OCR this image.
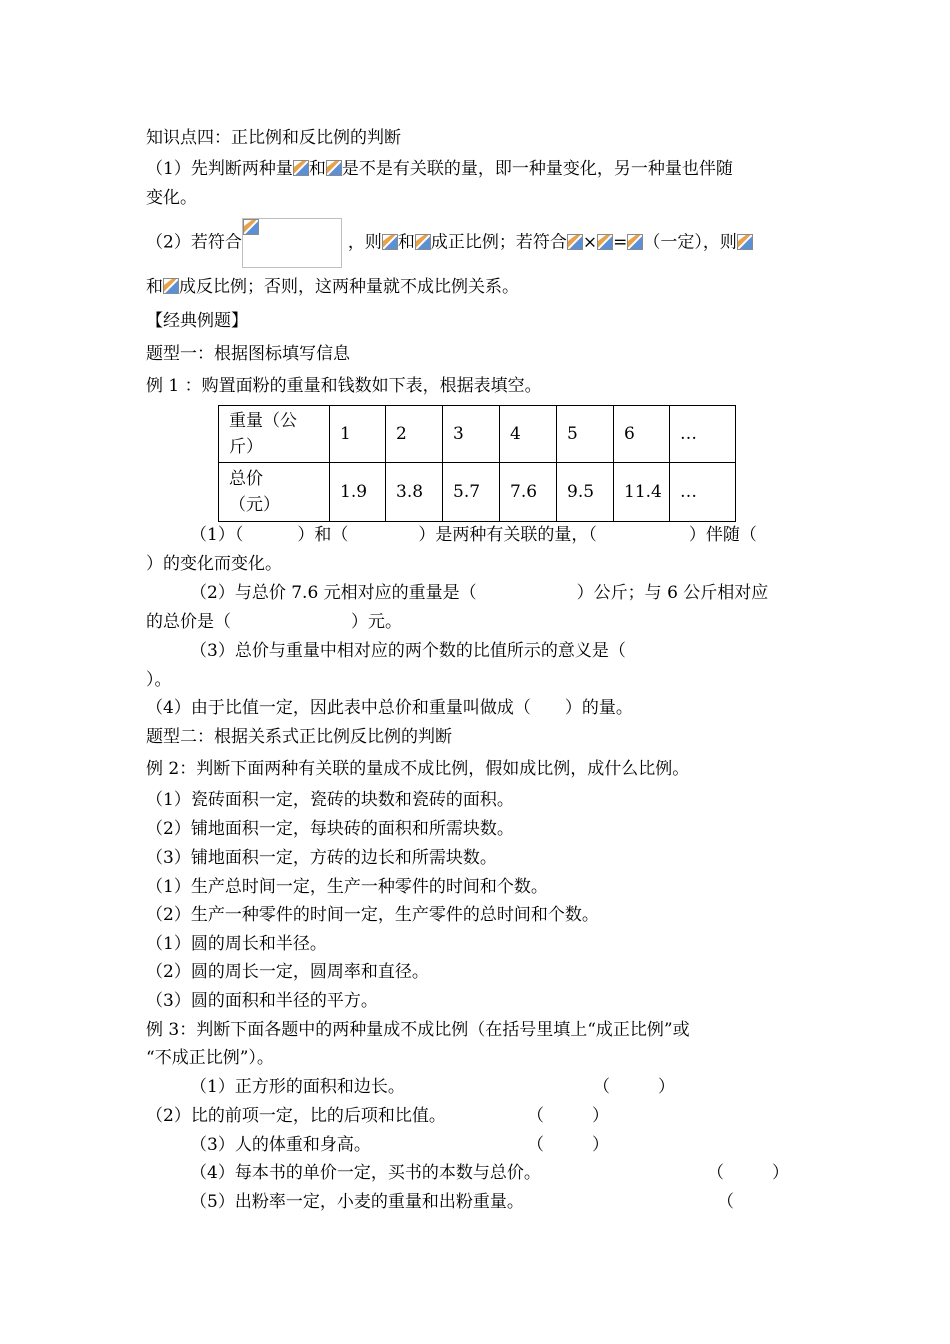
知识点四：正比例和反比例的判断
（1）先判断两种量 和 是不是有关联的量，即一种量变化，另一种量也伴随
变化。
（2）若符合	，则 和 成正比例；若符合 × = （一定），则
和 成反比例；否则，这两种量就不成比例关系。
【经典例题】
题型一：根据图标填写信息
例 1 ：购置面粉的重量和钱数如下表，根据表填空。
重量（公
斤）	1	2	3	4	5	6	…
总价
（元）	1.9	3.8	5.7	7.6	9.5	11.4	…
（1）（	）和（	）是两种有关联的量，（	）伴随（
）的变化而变化。
（2）与总价 7.6 元相对应的重量是（	）公斤；与 6 公斤相对应
的总价是（	）元。
（3）总价与重量中相对应的两个数的比值所示的意义是（
）。
（4）由于比值一定，因此表中总价和重量叫做成（　　）的量。
题型二：根据关系式正比例反比例的判断
例 2：判断下面两种有关联的量成不成比例，假如成比例，成什么比例。
（1）瓷砖面积一定，瓷砖的块数和瓷砖的面积。
（2）铺地面积一定，每块砖的面积和所需块数。
（3）铺地面积一定，方砖的边长和所需块数。
（1）生产总时间一定，生产一种零件的时间和个数。
（2）生产一种零件的时间一定，生产零件的总时间和个数。
（1）圆的周长和半径。
（2）圆的周长一定，圆周率和直径。
（3）圆的面积和半径的平方。
例 3：判断下面各题中的两种量成不成比例（在括号里填上“成正比例”或
“不成正比例”）。
（1）正方形的面积和边长。	（	）
（2）比的前项一定，比的后项和比值。	（	）
（3）人的体重和身高。	（	）
（4）每本书的单价一定，买书的本数与总价。	（	）
（5）出粉率一定，小麦的重量和出粉重量。	（
